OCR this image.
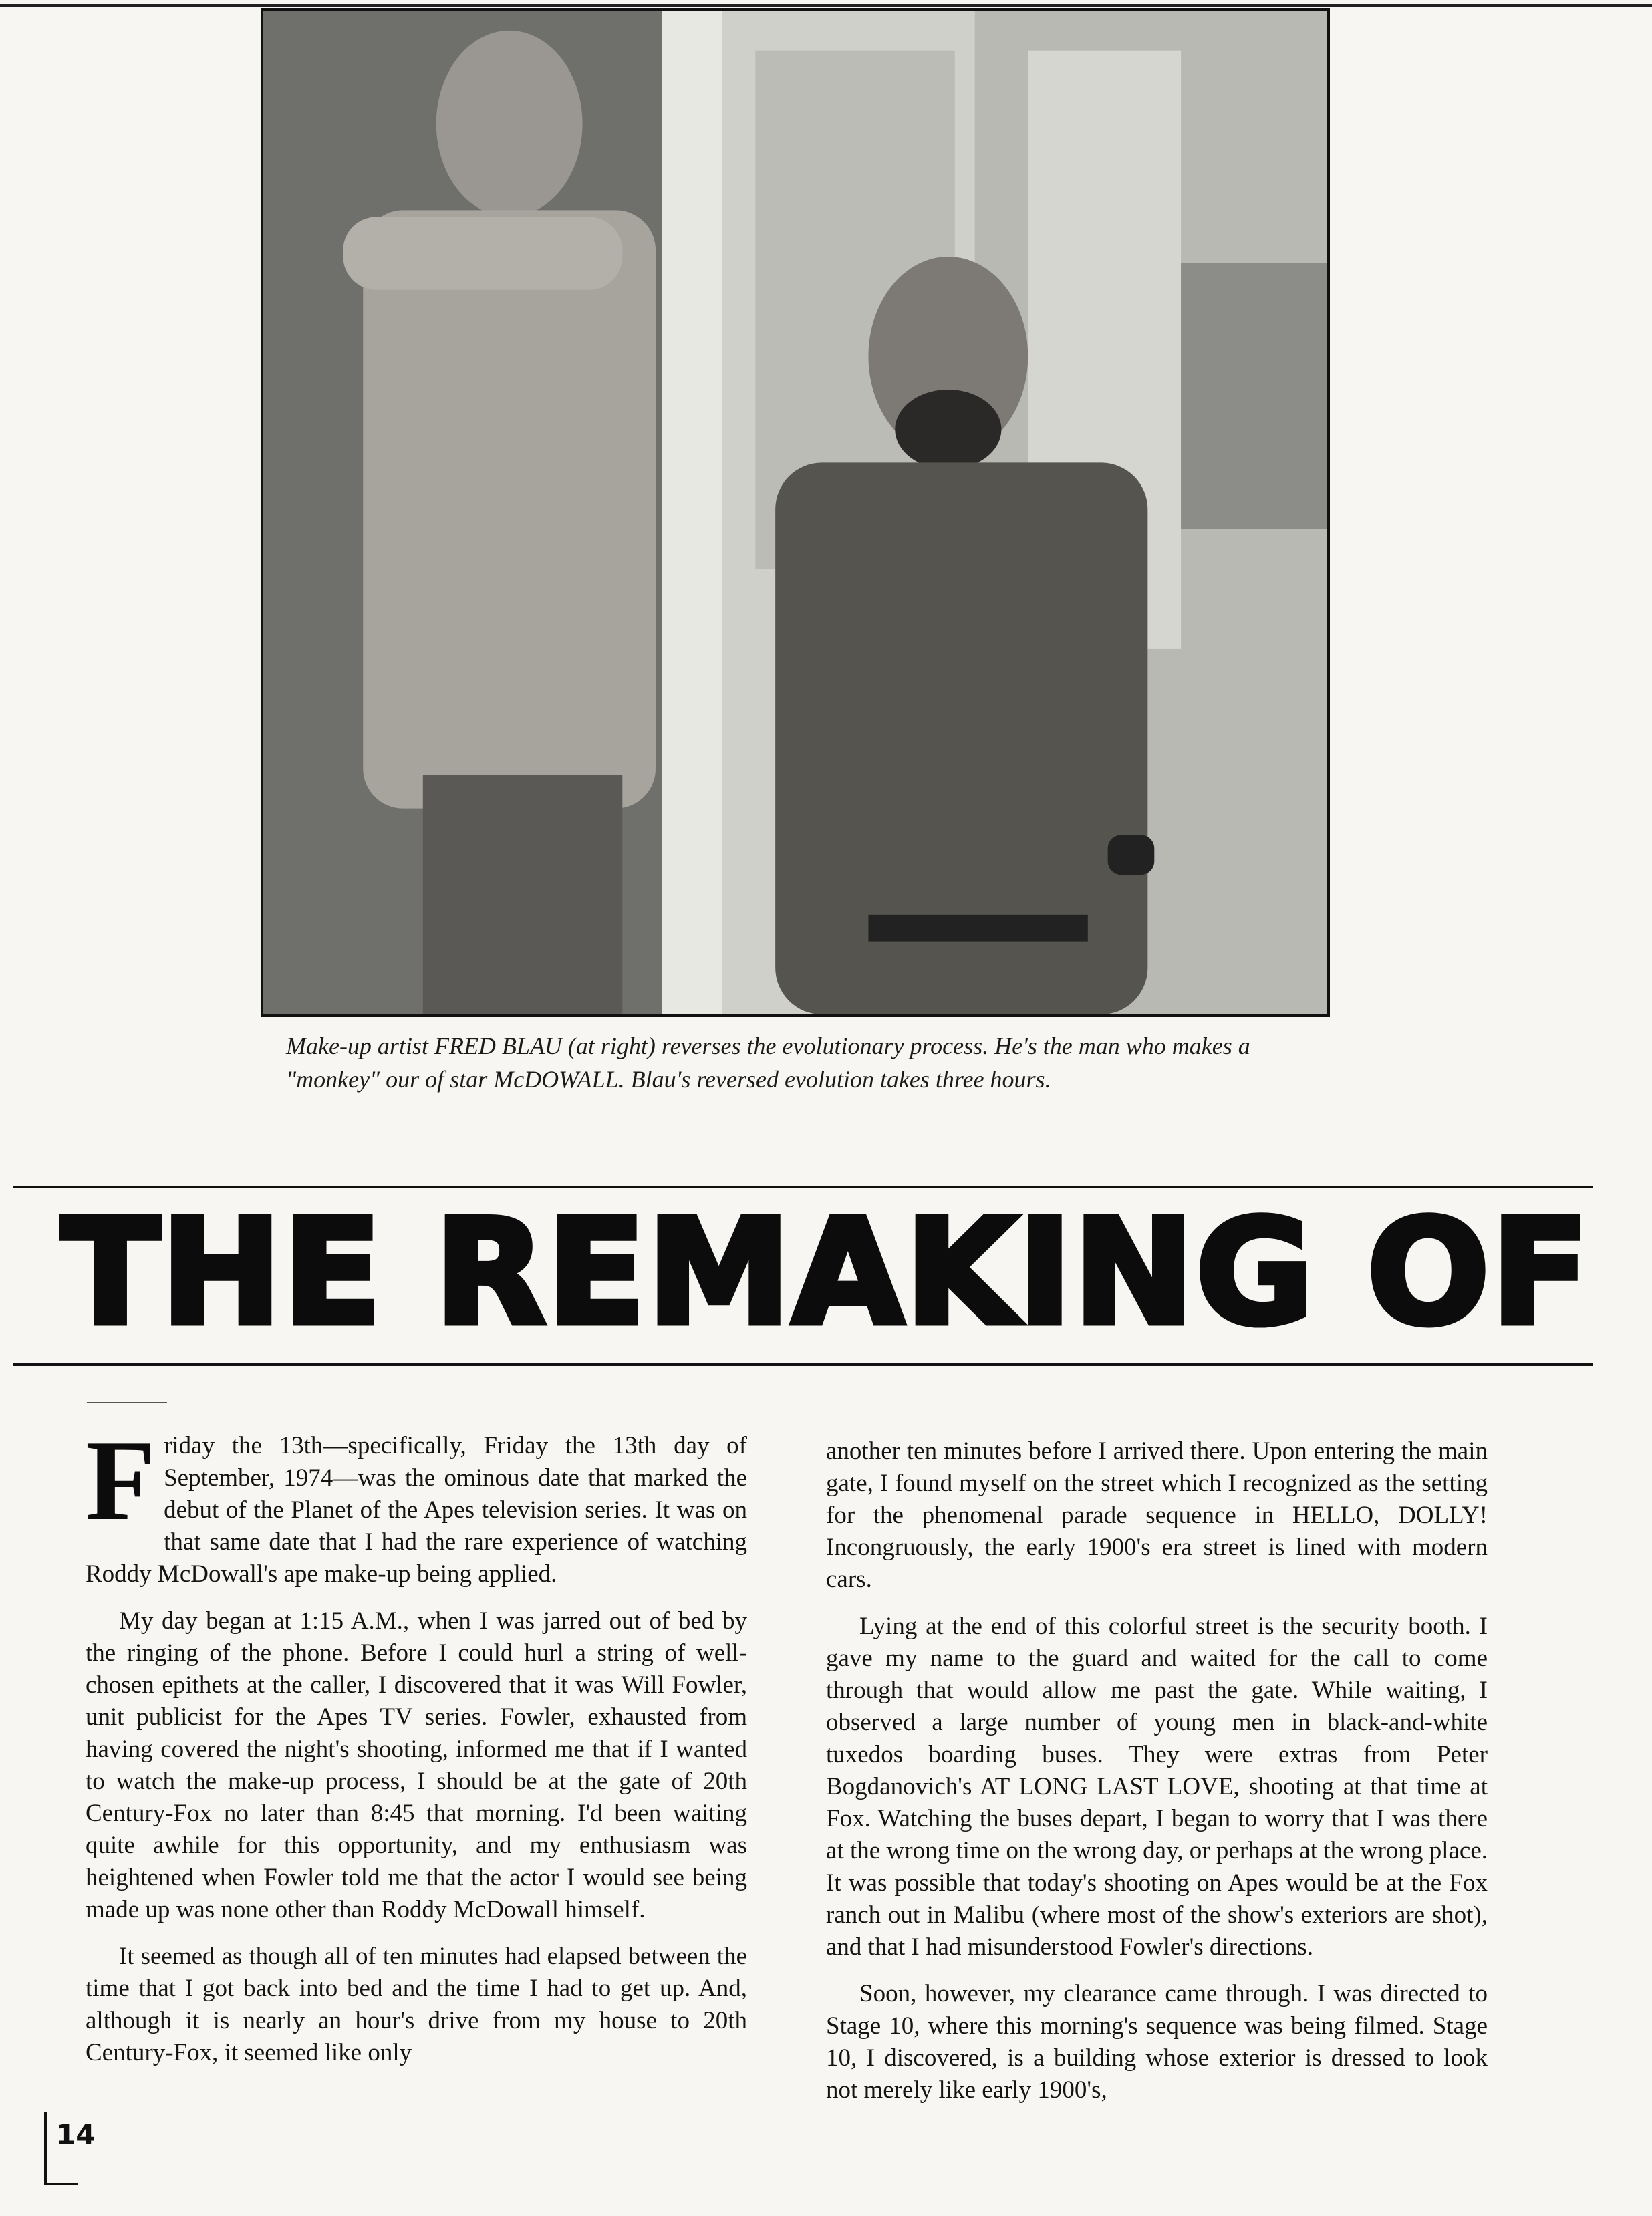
Make-up artist FRED BLAU (at right) reverses the evolutionary process. He's the man who makes a "monkey" our of star McDOWALL. Blau's reversed evolution takes three hours.
THE REMAKING OF

Friday the 13th—specifically, Friday the 13th day of September, 1974—was the ominous date that marked the debut of the Planet of the Apes television series. It was on that same date that I had the rare experience of watching Roddy McDowall's ape make-up being applied.

My day began at 1:15 A.M., when I was jarred out of bed by the ringing of the phone. Before I could hurl a string of well-chosen epithets at the caller, I discovered that it was Will Fowler, unit publicist for the Apes TV series. Fowler, exhausted from having covered the night's shooting, informed me that if I wanted to watch the make-up process, I should be at the gate of 20th Century-Fox no later than 8:45 that morning. I'd been waiting quite awhile for this opportunity, and my enthusiasm was heightened when Fowler told me that the actor I would see being made up was none other than Roddy McDowall himself.

It seemed as though all of ten minutes had elapsed between the time that I got back into bed and the time I had to get up. And, although it is nearly an hour's drive from my house to 20th Century-Fox, it seemed like only

another ten minutes before I arrived there. Upon entering the main gate, I found myself on the street which I recognized as the setting for the phenomenal parade sequence in HELLO, DOLLY! Incongruously, the early 1900's era street is lined with modern cars.

Lying at the end of this colorful street is the security booth. I gave my name to the guard and waited for the call to come through that would allow me past the gate. While waiting, I observed a large number of young men in black-and-white tuxedos boarding buses. They were extras from Peter Bogdanovich's AT LONG LAST LOVE, shooting at that time at Fox. Watching the buses depart, I began to worry that I was there at the wrong time on the wrong day, or perhaps at the wrong place. It was possible that today's shooting on Apes would be at the Fox ranch out in Malibu (where most of the show's exteriors are shot), and that I had misunderstood Fowler's directions.

Soon, however, my clearance came through. I was directed to Stage 10, where this morning's sequence was being filmed. Stage 10, I discovered, is a building whose exterior is dressed to look not merely like early 1900's,

14
